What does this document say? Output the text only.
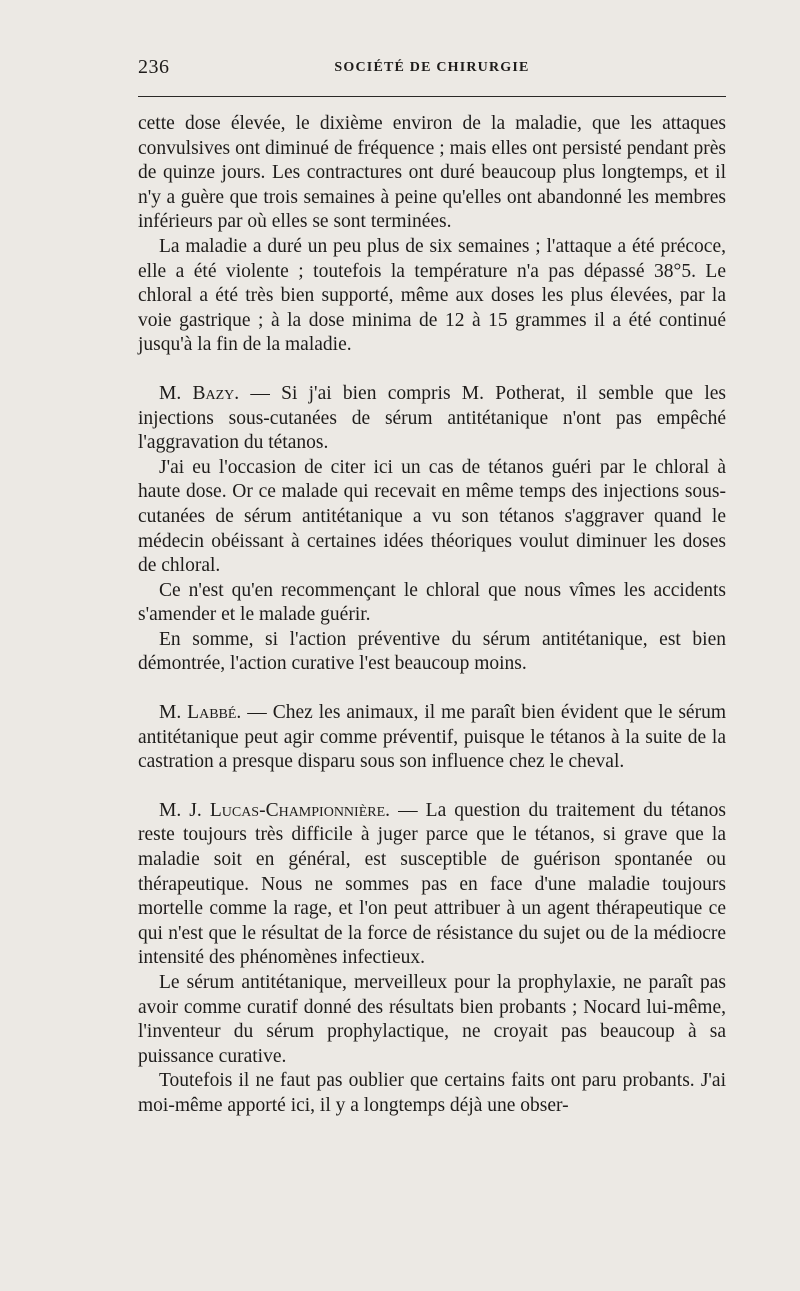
236	SOCIÉTÉ DE CHIRURGIE

cette dose élevée, le dixième environ de la maladie, que les attaques convulsives ont diminué de fréquence ; mais elles ont persisté pendant près de quinze jours. Les contractures ont duré beaucoup plus longtemps, et il n'y a guère que trois semaines à peine qu'elles ont abandonné les membres inférieurs par où elles se sont terminées.

La maladie a duré un peu plus de six semaines ; l'attaque a été précoce, elle a été violente ; toutefois la température n'a pas dépassé 38°5. Le chloral a été très bien supporté, même aux doses les plus élevées, par la voie gastrique ; à la dose minima de 12 à 15 grammes il a été continué jusqu'à la fin de la maladie.

M. Bazy. — Si j'ai bien compris M. Potherat, il semble que les injections sous-cutanées de sérum antitétanique n'ont pas empêché l'aggravation du tétanos.

J'ai eu l'occasion de citer ici un cas de tétanos guéri par le chloral à haute dose. Or ce malade qui recevait en même temps des injections sous-cutanées de sérum antitétanique a vu son tétanos s'aggraver quand le médecin obéissant à certaines idées théoriques voulut diminuer les doses de chloral.

Ce n'est qu'en recommençant le chloral que nous vîmes les accidents s'amender et le malade guérir.

En somme, si l'action préventive du sérum antitétanique, est bien démontrée, l'action curative l'est beaucoup moins.

M. Labbé. — Chez les animaux, il me paraît bien évident que le sérum antitétanique peut agir comme préventif, puisque le tétanos à la suite de la castration a presque disparu sous son influence chez le cheval.

M. J. Lucas-Championnière. — La question du traitement du tétanos reste toujours très difficile à juger parce que le tétanos, si grave que la maladie soit en général, est susceptible de guérison spontanée ou thérapeutique. Nous ne sommes pas en face d'une maladie toujours mortelle comme la rage, et l'on peut attribuer à un agent thérapeutique ce qui n'est que le résultat de la force de résistance du sujet ou de la médiocre intensité des phénomènes infectieux.

Le sérum antitétanique, merveilleux pour la prophylaxie, ne paraît pas avoir comme curatif donné des résultats bien probants ; Nocard lui-même, l'inventeur du sérum prophylactique, ne croyait pas beaucoup à sa puissance curative.

Toutefois il ne faut pas oublier que certains faits ont paru probants. J'ai moi-même apporté ici, il y a longtemps déjà une obser-
